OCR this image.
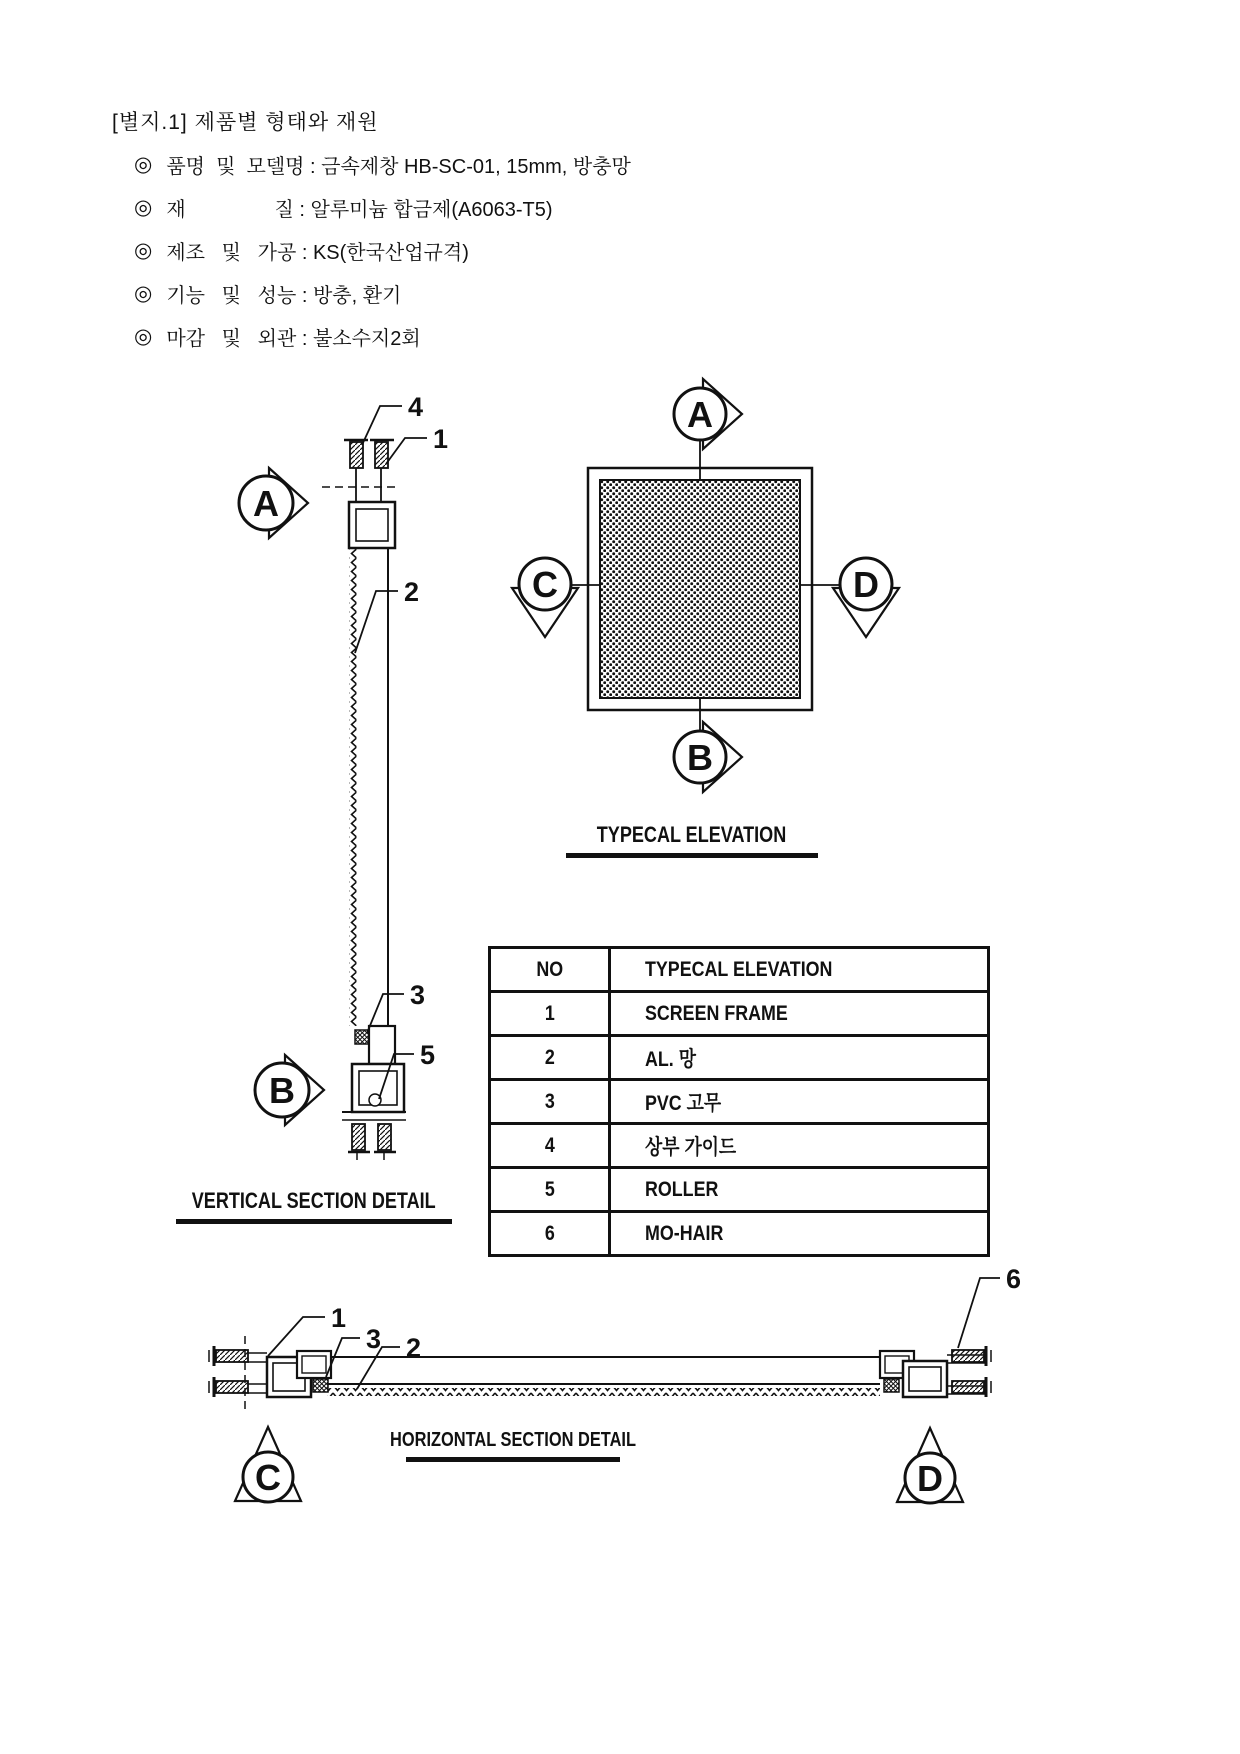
[별지.1] 제품별 형태와 재원
◎ 품명  및  모델명 : 금속제창 HB-SC-01, 15mm, 방충망
◎ 재                질 : 알루미늄 합금제(A6063-T5)
◎ 제조   및   가공 : KS(한국산업규격)
◎ 기능   및   성능 : 방충, 환기
◎ 마감   및   외관 : 불소수지2회
A
B
4
1
2
3
5
A
B
C	D
1
3 2
6
C	D
TYPECAL ELEVATION
VERTICAL SECTION DETAIL
HORIZONTAL SECTION DETAIL
NO	TYPECAL ELEVATION
1	SCREEN FRAME
2	AL. 망
3	PVC 고무
4	상부 가이드
5	ROLLER
6	MO-HAIR
